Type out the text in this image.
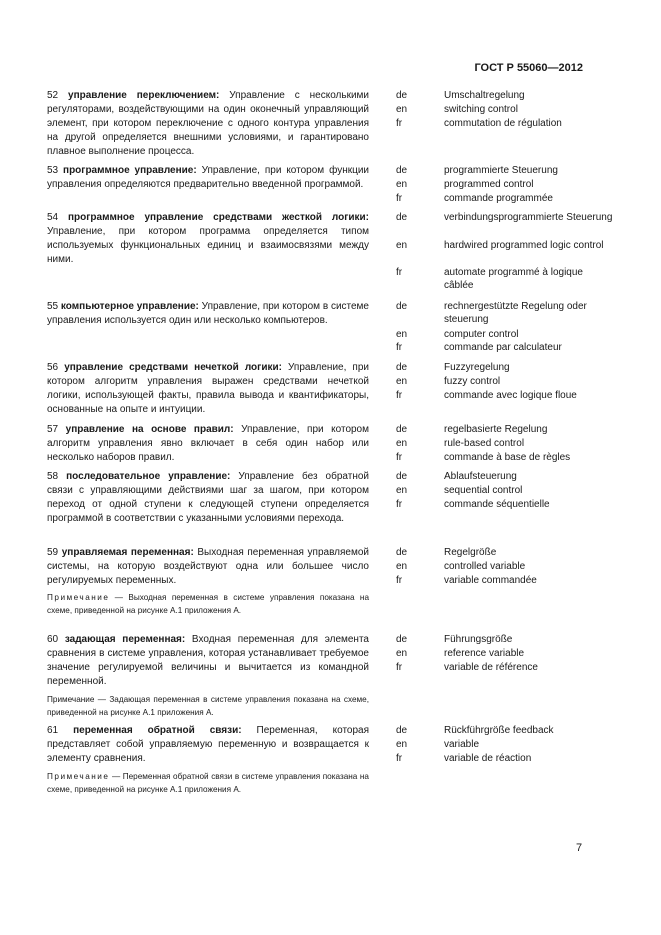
ГОСТ Р 55060—2012

52 управление переключением: Управление с несколькими регуляторами, воздействующими на один оконечный управляющий элемент, при котором переключение с одного контура управления на другой определяется внешними условиями, и гарантировано плавное выполнение процесса.

de	Umschaltregelung
en	switching control
fr	commutation de régulation

53 программное управление: Управление, при котором функции управления определяются предварительно введенной программой.

de	programmierte Steuerung
en	programmed control
fr	commande programmée

54 программное управление средствами жесткой логики: Управление, при котором программа определяется типом используемых функциональных единиц и взаимосвязями между ними.

de	verbindungsprogrammierte Steuerung
en	hardwired programmed logic control
fr	automate programmé à logique câblée

55 компьютерное управление: Управление, при котором в системе управления используется один или несколько компьютеров.

de	rechnergestützte Regelung oder steuerung
en	computer control
fr	commande par calculateur

56 управление средствами нечеткой логики: Управление, при котором алгоритм управления выражен средствами нечеткой логики, использующей факты, правила вывода и квантификаторы, основанные на опыте и интуиции.

de	Fuzzyregelung
en	fuzzy control
fr	commande avec logique floue

57 управление на основе правил: Управление, при котором алгоритм управления явно включает в себя один набор или несколько наборов правил.

de	regelbasierte Regelung
en	rule-based control
fr	commande à base de règles

58 последовательное управление: Управление без обратной связи с управляющими действиями шаг за шагом, при котором переход от одной ступени к следующей ступени определяется программой в соответствии с указанными условиями перехода.

de	Ablaufsteuerung
en	sequential control
fr	commande séquentielle

59 управляемая переменная: Выходная переменная управляемой системы, на которую воздействуют одна или большее число регулируемых переменных.

Примечание — Выходная переменная в системе управления показана на схеме, приведенной на рисунке А.1 приложения А.

de	Regelgröße
en	controlled variable
fr	variable commandée

60 задающая переменная: Входная переменная для элемента сравнения в системе управления, которая устанавливает требуемое значение регулируемой величины и вычитается из командной переменной.

Примечание — Задающая переменная в системе управления показана на схеме, приведенной на рисунке А.1 приложения А.

de	Führungsgröße
en	reference variable
fr	variable de référence

61 переменная обратной связи: Переменная, которая представляет собой управляемую переменную и возвращается к элементу сравнения.

Примечание — Переменная обратной связи в системе управления показана на схеме, приведенной на рисунке А.1 приложения А.

de	Rückführgröße feedback
en	variable
fr	variable de réaction
7
